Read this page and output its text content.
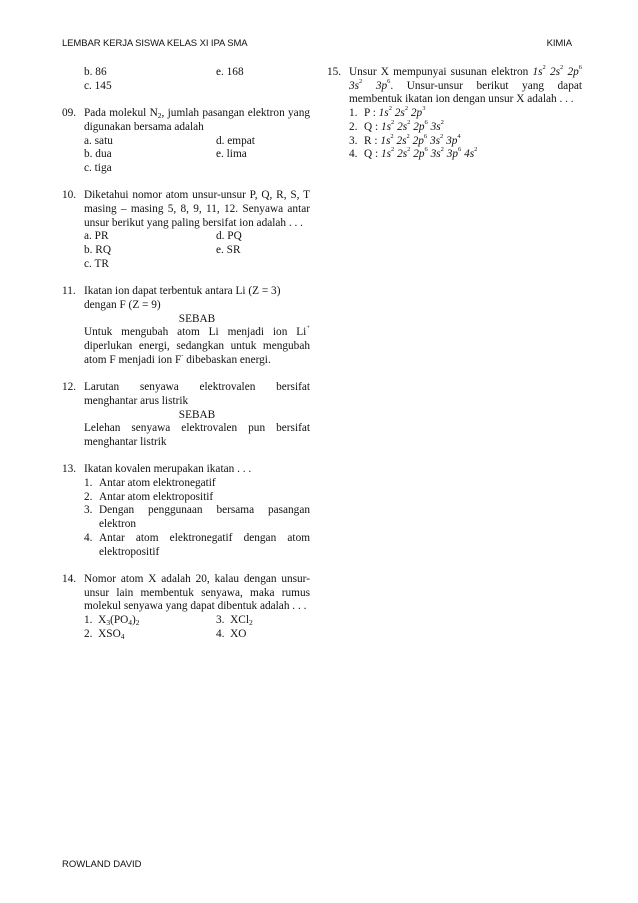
LEMBAR KERJA SISWA KELAS XI IPA SMA	KIMIA
b. 86	e. 168
c. 145
09. Pada molekul $N_2$, jumlah pasangan elektron yang digunakan bersama adalah
a. satu	d. empat
b. dua	e. lima
c. tiga
10. Diketahui nomor atom unsur-unsur P, Q, R, S, T masing – masing 5, 8, 9, 11, 12. Senyawa antar unsur berikut yang paling bersifat ion adalah . . .
a. PR	d. PQ
b. RQ	e. SR
c. TR
11. Ikatan ion dapat terbentuk antara Li (Z = 3) dengan F (Z = 9)
SEBAB
Untuk mengubah atom Li menjadi ion Li+ diperlukan energi, sedangkan untuk mengubah atom F menjadi ion F- dibebaskan energi.
12. Larutan senyawa elektrovalen bersifat menghantar arus listrik
SEBAB
Lelehan senyawa elektrovalen pun bersifat menghantar listrik
13. Ikatan kovalen merupakan ikatan . . .
1. Antar atom elektronegatif
2. Antar atom elektropositif
3. Dengan penggunaan bersama pasangan elektron
4. Antar atom elektronegatif dengan atom elektropositif
14. Nomor atom X adalah 20, kalau dengan unsur-unsur lain membentuk senyawa, maka rumus molekul senyawa yang dapat dibentuk adalah . . .
1. $X_3(PO_4)_2$	3. XCl$_2$
2. $XSO_4$	4. XO
15. Unsur X mempunyai susunan elektron $1s^2$ $2s^2$ $2p^6$ $3s^2$ $3p^6$. Unsur-unsur berikut yang dapat membentuk ikatan ion dengan unsur X adalah . . .
1. P : $1s^2$ $2s^2$ $2p^3$
2. Q : $1s^2$ $2s^2$ $2p^6$ $3s^2$
3. R : $1s^2$ $2s^2$ $2p^6$ $3s^2$ $3p^4$
4. Q : $1s^2$ $2s^2$ $2p^6$ $3s^2$ $3p^6$ $4s^2$
ROWLAND DAVID
